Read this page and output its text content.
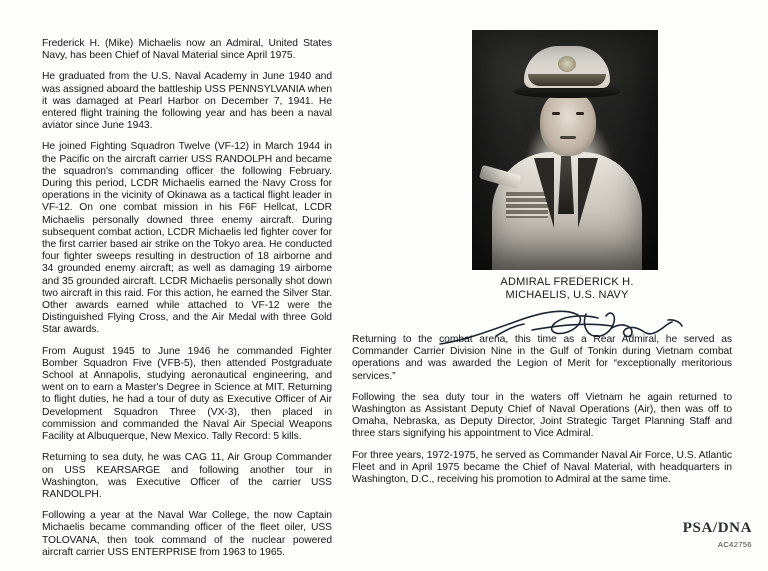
Frederick H. (Mike) Michaelis now an Admiral, United States Navy, has been Chief of Naval Material since April 1975.

He graduated from the U.S. Naval Academy in June 1940 and was assigned aboard the battleship USS PENNSYLVANIA when it was damaged at Pearl Harbor on December 7, 1941. He entered flight training the following year and has been a naval aviator since June 1943.

He joined Fighting Squadron Twelve (VF-12) in March 1944 in the Pacific on the aircraft carrier USS RANDOLPH and became the squadron's commanding officer the following February. During this period, LCDR Michaelis earned the Navy Cross for operations in the vicinity of Okinawa as a tactical flight leader in VF-12. On one combat mission in his F6F Hellcat, LCDR Michaelis personally downed three enemy aircraft. During subsequent combat action, LCDR Michaelis led fighter cover for the first carrier based air strike on the Tokyo area. He conducted four fighter sweeps resulting in destruction of 18 airborne and 34 grounded enemy aircraft; as well as damaging 19 airborne and 35 grounded aircraft. LCDR Michaelis personally shot down two aircraft in this raid. For this action, he earned the Silver Star. Other awards earned while attached to VF-12 were the Distinguished Flying Cross, and the Air Medal with three Gold Star awards.

From August 1945 to June 1946 he commanded Fighter Bomber Squadron Five (VFB-5), then attended Postgraduate School at Annapolis, studying aeronautical engineering, and went on to earn a Master's Degree in Science at MIT. Returning to flight duties, he had a tour of duty as Executive Officer of Air Development Squadron Three (VX-3), then placed in commission and commanded the Naval Air Special Weapons Facility at Albuquerque, New Mexico. Tally Record: 5 kills.

Returning to sea duty, he was CAG 11, Air Group Commander on USS KEARSARGE and following another tour in Washington, was Executive Officer of the carrier USS RANDOLPH.

Following a year at the Naval War College, the now Captain Michaelis became commanding officer of the fleet oiler, USS TOLOVANA, then took command of the nuclear powered aircraft carrier USS ENTERPRISE from 1963 to 1965.

ADMIRAL FREDERICK H.
MICHAELIS, U.S. NAVY

Returning to the combat arena, this time as a Rear Admiral, he served as Commander Carrier Division Nine in the Gulf of Tonkin during Vietnam combat operations and was awarded the Legion of Merit for “exceptionally meritorious services.”

Following the sea duty tour in the waters off Vietnam he again returned to Washington as Assistant Deputy Chief of Naval Operations (Air), then was off to Omaha, Nebraska, as Deputy Director, Joint Strategic Target Planning Staff and three stars signifying his appointment to Vice Admiral.

For three years, 1972-1975, he served as Commander Naval Air Force, U.S. Atlantic Fleet and in April 1975 became the Chief of Naval Material, with headquarters in Washington, D.C., receiving his promotion to Admiral at the same time.

PSA/DNA
AC42756
